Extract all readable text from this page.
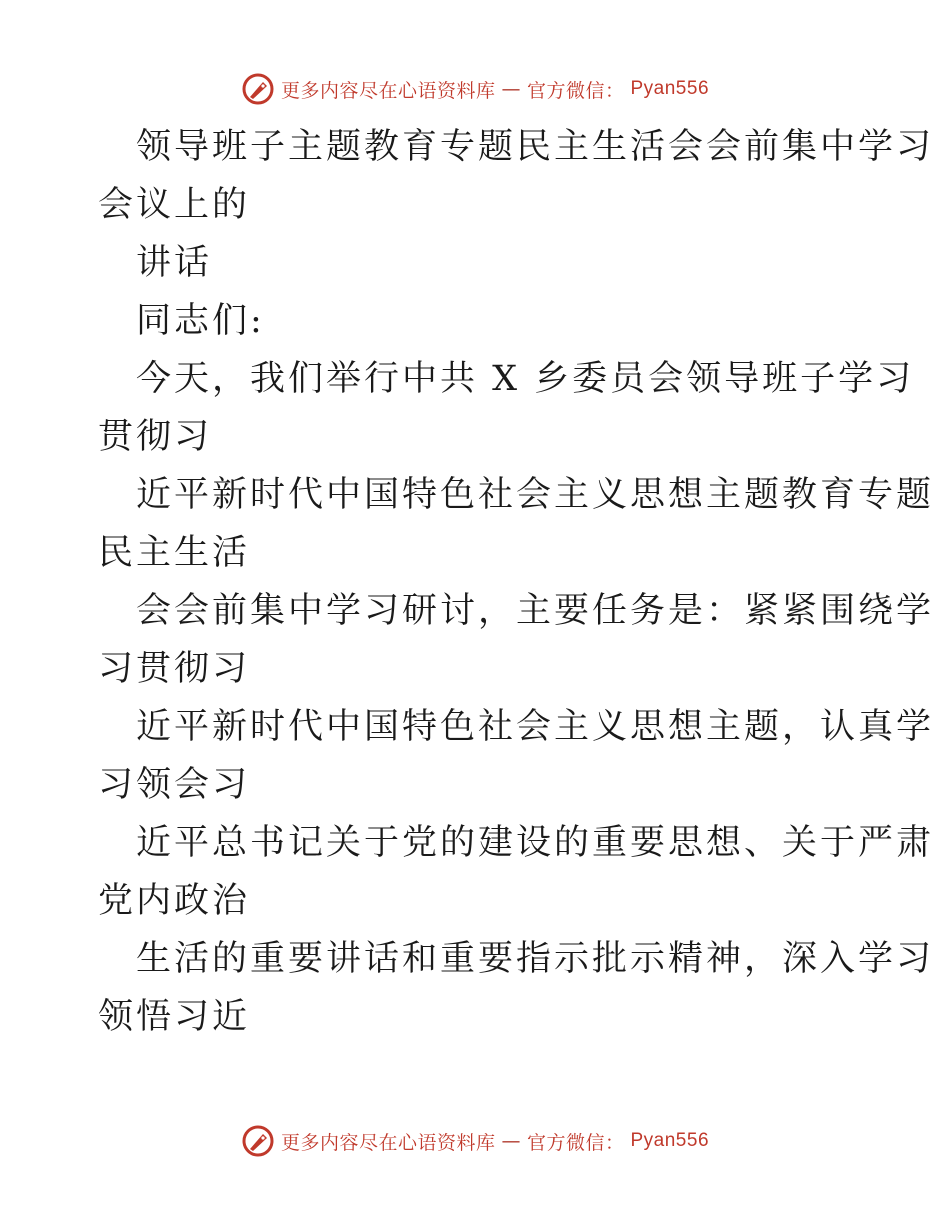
更多内容尽在心语资料库 — 官方微信： Pyan556
领导班子主题教育专题民主生活会会前集中学习
会议上的
讲话
同志们:
今天，我们举行中共 X 乡委员会领导班子学习
贯彻习
近平新时代中国特色社会主义思想主题教育专题
民主生活
会会前集中学习研讨，主要任务是：紧紧围绕学
习贯彻习
近平新时代中国特色社会主义思想主题，认真学
习领会习
近平总书记关于党的建设的重要思想、关于严肃
党内政治
生活的重要讲话和重要指示批示精神，深入学习
领悟习近
更多内容尽在心语资料库 — 官方微信： Pyan556
